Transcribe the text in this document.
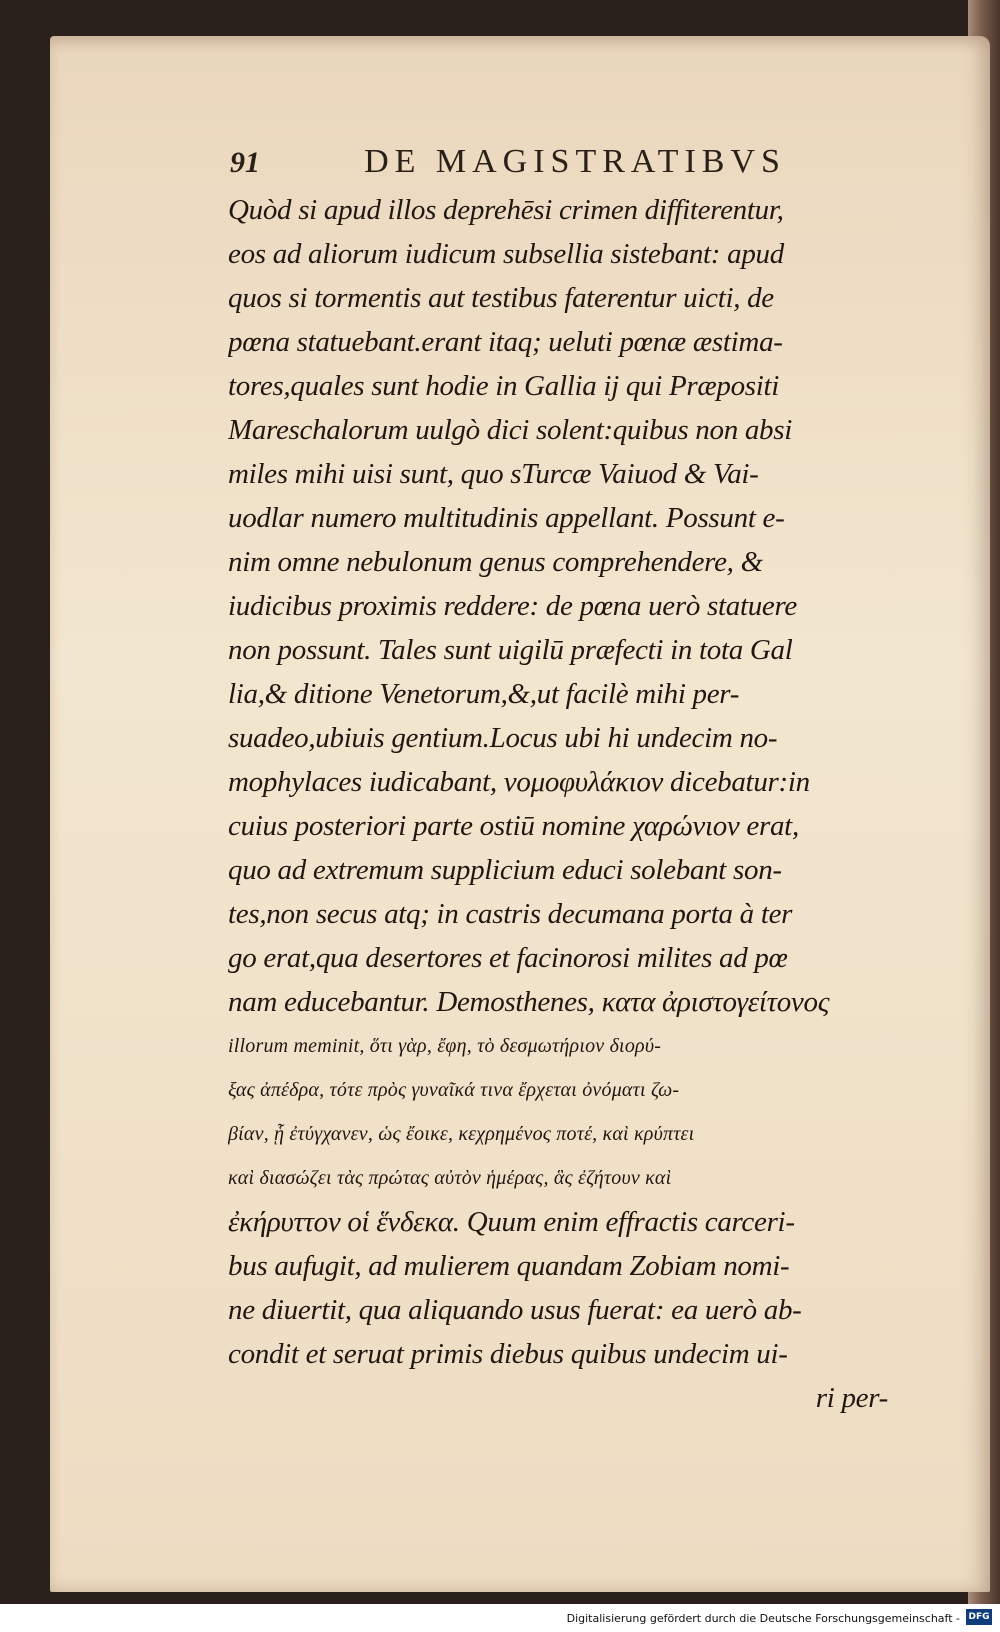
91	DE MAGISTRATIBVS
Quòd si apud illos deprehēsi crimen diffiterentur,
eos ad aliorum iudicum subsellia sistebant: apud
quos si tormentis aut testibus faterentur uicti, de
pœna statuebant.erant itaq; ueluti pœnæ æstima-
tores,quales sunt hodie in Gallia ij qui Præpositi
Mareschalorum uulgò dici solent:quibus non absi
miles mihi uisi sunt, quo sTurcæ Vaiuod & Vai-
uodlar numero multitudinis appellant. Possunt e-
nim omne nebulonum genus comprehendere, &
iudicibus proximis reddere: de pœna uerò statuere
non possunt. Tales sunt uigilū præfecti in tota Gal
lia,& ditione Venetorum,&,ut facilè mihi per-
suadeo,ubiuis gentium.Locus ubi hi undecim no-
mophylaces iudicabant, νομοφυλάκιον dicebatur:in
cuius posteriori parte ostiū nomine χαρώνιον erat,
quo ad extremum supplicium educi solebant son-
tes,non secus atq; in castris decumana porta à ter
go erat,qua desertores et facinorosi milites ad pœ
nam educebantur. Demosthenes, κατα ἀριστογείτονος
illorum meminit, ὅτι γὰρ, ἔφη, τὸ δεσμωτήριον διορύ-
ξας ἀπέδρα, τότε πρὸς γυναῖκά τινα ἔρχεται ὀνόματι ζω-
βίαν, ᾗ ἐτύγχανεν, ὡς ἔοικε, κεχρημένος ποτέ, καὶ κρύπτει
καὶ διασώζει τὰς πρώτας αὐτὸν ἡμέρας, ἃς ἐζήτουν καὶ
ἐκήρυττον οἱ ἕνδεκα. Quum enim effractis carceri-
bus aufugit, ad mulierem quandam Zobiam nomi-
ne diuertit, qua aliquando usus fuerat: ea uerò ab-
condit et seruat primis diebus quibus undecim ui-
ri per-
Digitalisierung gefördert durch die Deutsche Forschungsgemeinschaft - DFG
